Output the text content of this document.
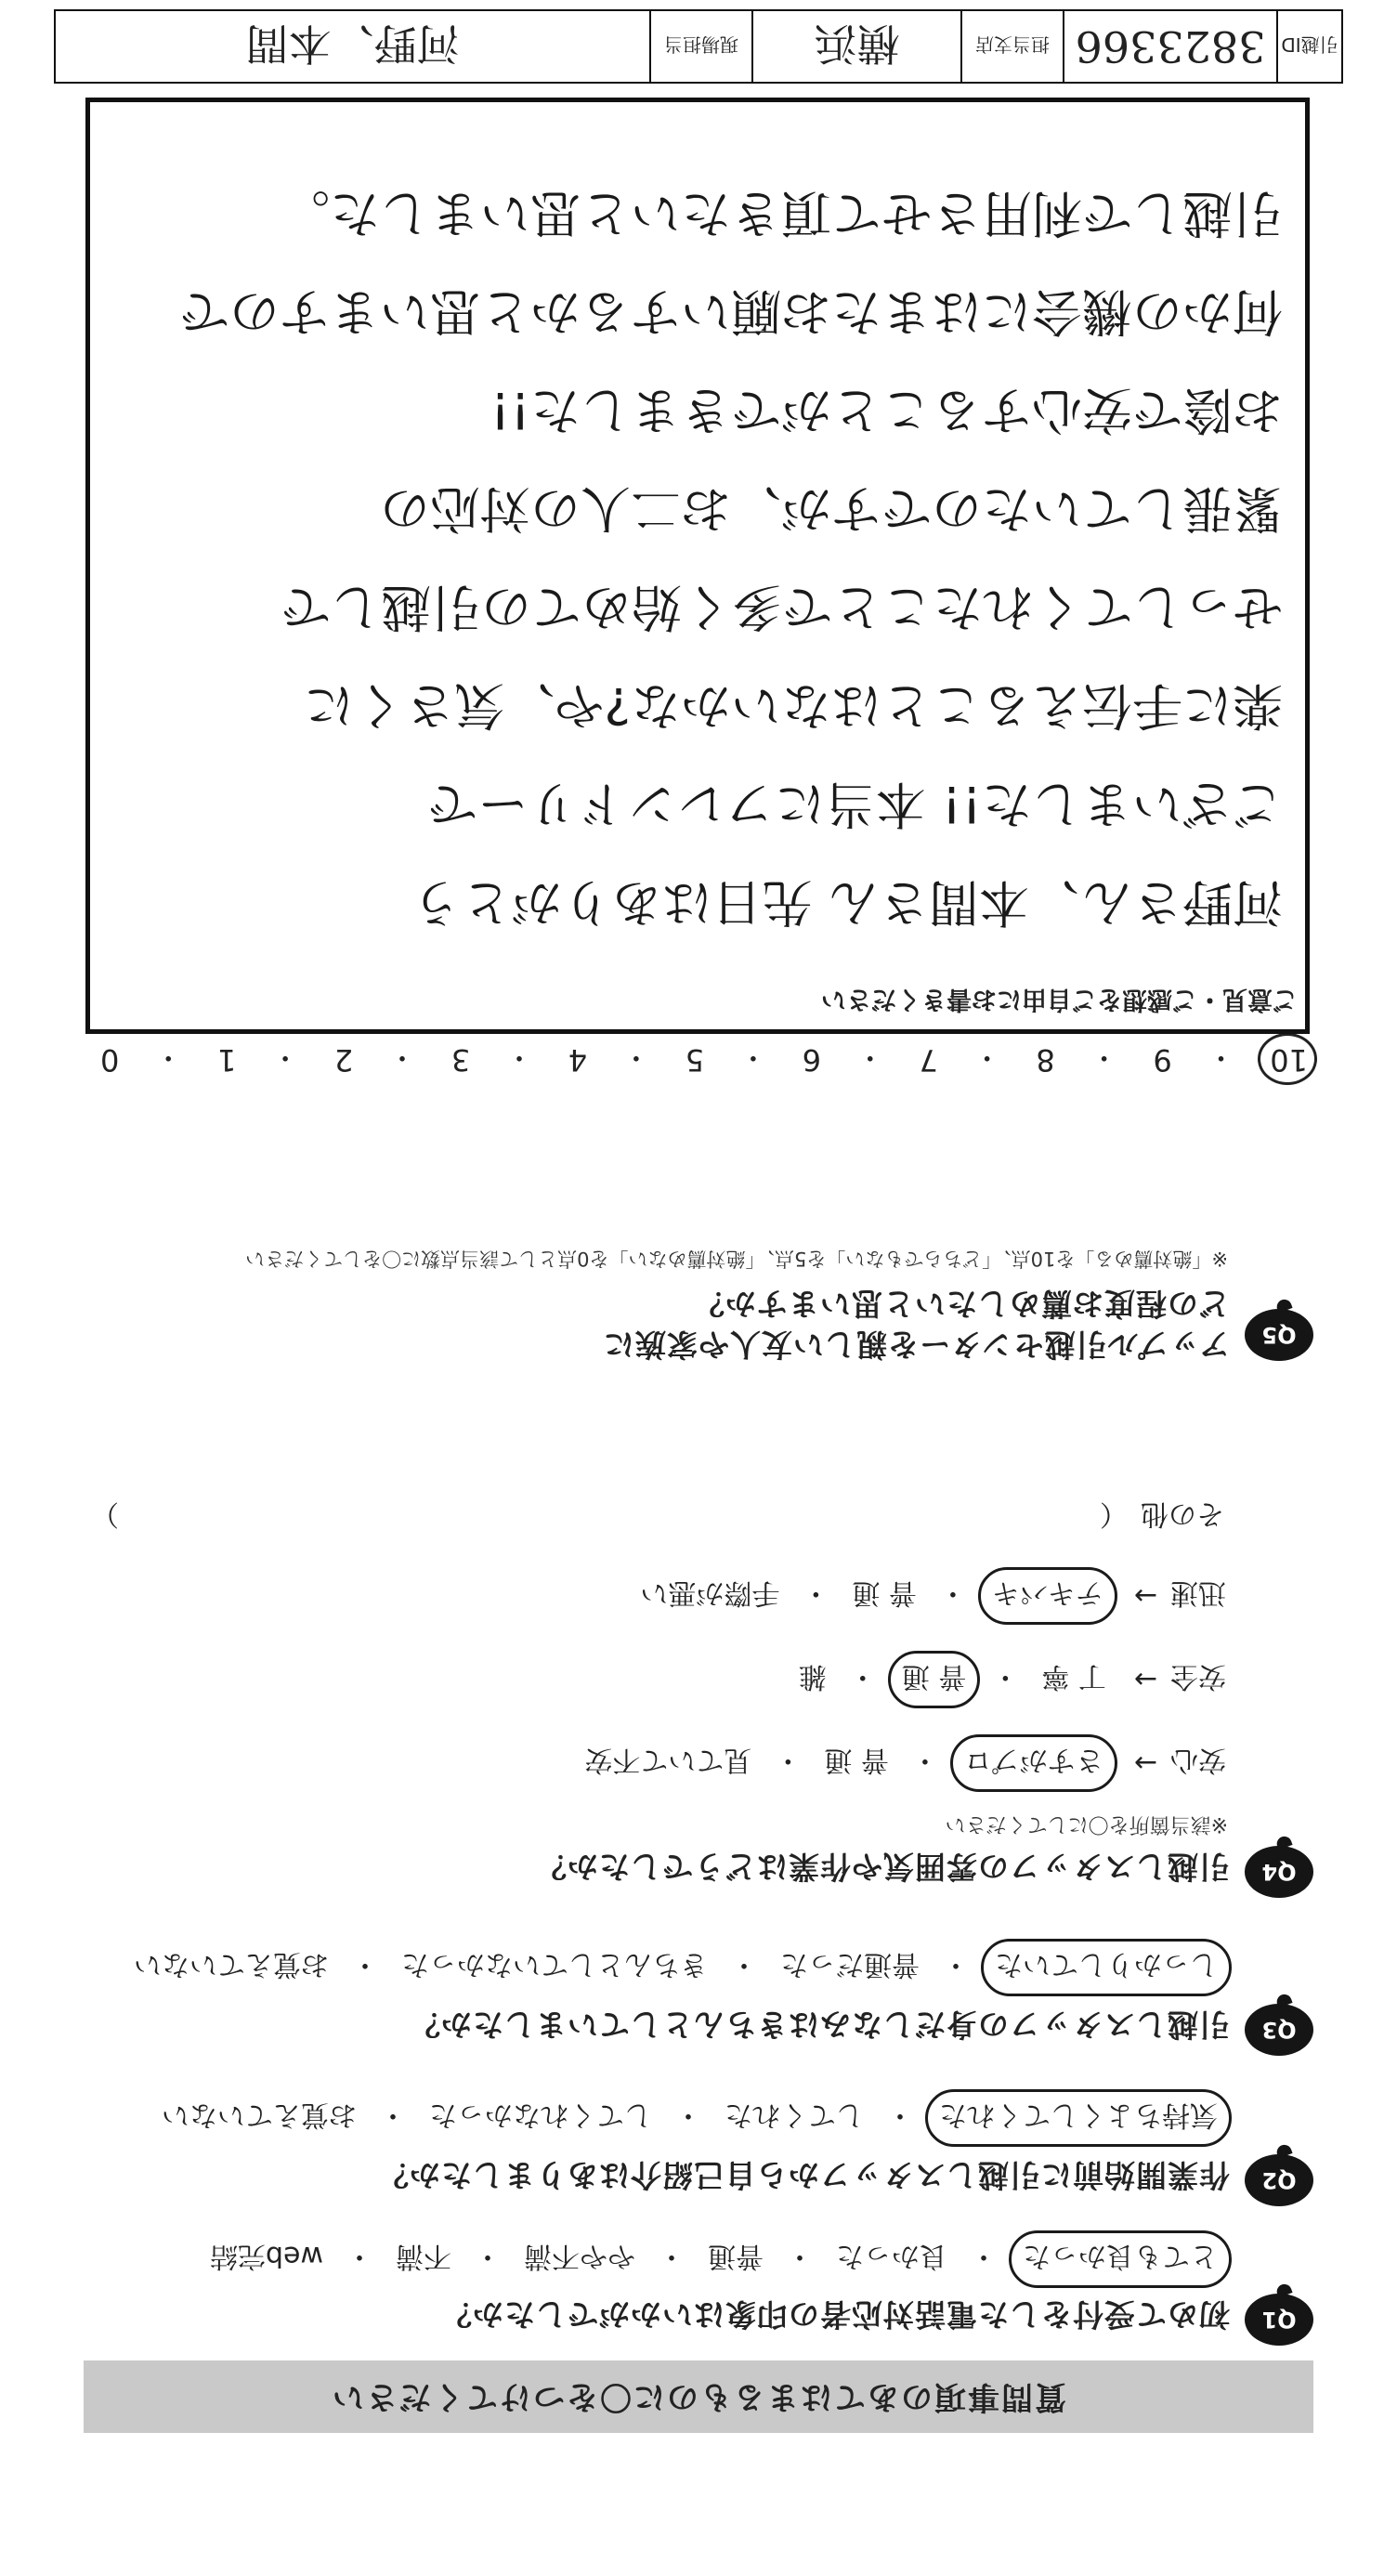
質問事項のあてはまるものに〇をつけてください
Q1
初めて受付をした電話対応者の印象はいかがでしたか？
とても良かった
・
良かった
・
普通
・
やや不満
・
不満
・
web完結
Q2
作業開始前に引越しスタッフから自己紹介はありましたか？
気持ちよくしてくれた
・
してくれた
・
してくれなかった
・
お覚えていない
Q3
引越しスタッフの身だしなみはきちんとしていましたか？
しっかりしていた
・
普通だった
・
きちんとしていなかった
・
お覚えていない
Q4
引越しスタッフの雰囲気や作業はどうでしたか？
※該当箇所を〇にしてください
安心
→
さすがプロ
・
普 通
・
見ていて不安
安全
→
丁 寧
・
普 通
・
雑
迅速
→
テキパキ
・
普 通
・
手際が悪い
その他
（
）
Q5
アップル引越センターを親しい友人や家族に
どの程度お薦めしたいと思いますか？
※「絶対薦める」を10点、「どちらでもない」を5点、「絶対薦めない」を0点として該当点数に〇をしてください
10
・
9
・
8
・
7
・
6
・
5
・
4
・
3
・
2
・
1
・
0
ご意見・ご感想をご自由にお書きください
河野さん、本間さん 先日はありがとう
ございました!! 本当にフレンドリーで
楽に手伝えることはないかな?や、気さくに
せっしてくれたことで多く始めての引越しで
緊張していたのですが、お二人の対応の
お陰で安心することができました!!
何かの機会にはまたお願いするかと思いますので
引越しで利用させて頂きたいと思いました。
引越ID
3823366
担当支店
横浜
現場担当
河野、本間
